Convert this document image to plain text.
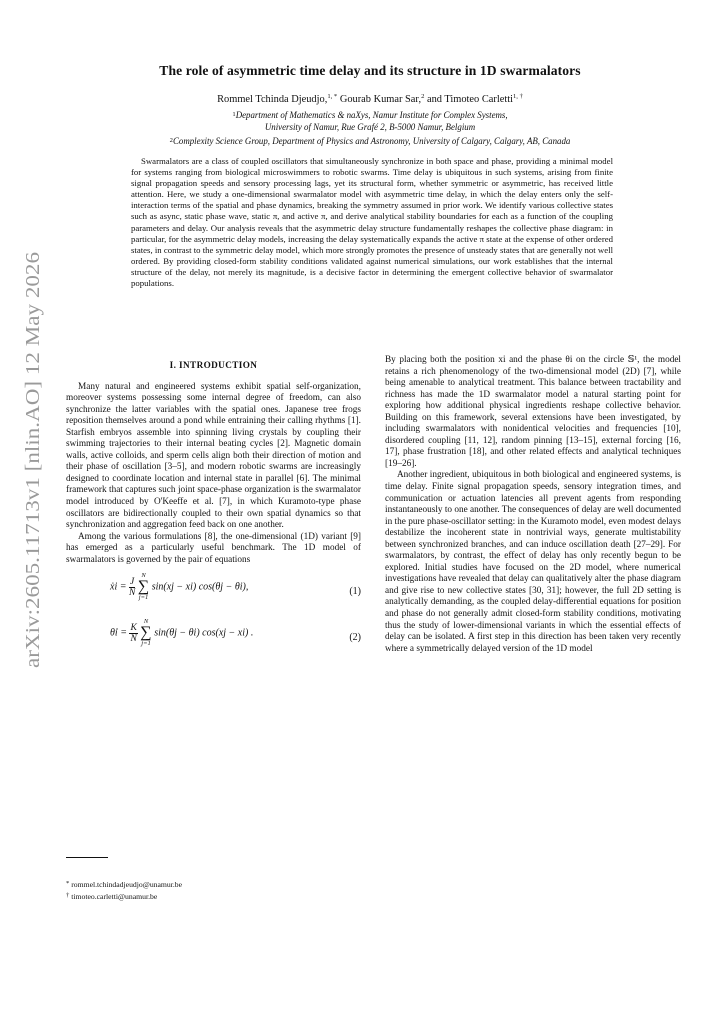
arXiv:2605.11713v1 [nlin.AO] 12 May 2026
The role of asymmetric time delay and its structure in 1D swarmalators
Rommel Tchinda Djeudjo,$^{1, *}$ Gourab Kumar Sar,$^2$ and Timoteo Carletti$^{1, \dagger}$
$^1$Department of Mathematics & naXys, Namur Institute for Complex Systems,
University of Namur, Rue Grafé 2, B-5000 Namur, Belgium
$^2$Complexity Science Group, Department of Physics and Astronomy, University of Calgary, Calgary, AB, Canada
Swarmalators are a class of coupled oscillators that simultaneously synchronize in both space and phase, providing a minimal model for systems ranging from biological microswimmers to robotic swarms. Time delay is ubiquitous in such systems, arising from finite signal propagation speeds and sensory processing lags, yet its structural form, whether symmetric or asymmetric, has received little attention. Here, we study a one-dimensional swarmalator model with asymmetric time delay, in which the delay enters only the self-interaction terms of the spatial and phase dynamics, breaking the symmetry assumed in prior work. We identify various collective states such as async, static phase wave, static π, and active π, and derive analytical stability boundaries for each as a function of the coupling parameters and delay. Our analysis reveals that the asymmetric delay structure fundamentally reshapes the collective phase diagram: in particular, for the asymmetric delay models, increasing the delay systematically expands the active π state at the expense of other ordered states, in contrast to the symmetric delay model, which more strongly promotes the presence of unsteady states that are generally not well ordered. By providing closed-form stability conditions validated against numerical simulations, our work establishes that the internal structure of the delay, not merely its magnitude, is a decisive factor in determining the emergent collective behavior of swarmalator populations.
I. INTRODUCTION

Many natural and engineered systems exhibit spatial self-organization, moreover systems possessing some internal degree of freedom, can also synchronize the latter variables with the spatial ones. Japanese tree frogs reposition themselves around a pond while entraining their calling rhythms [1]. Starfish embryos assemble into spinning living crystals by coupling their swimming trajectories to their internal beating cycles [2]. Magnetic domain walls, active colloids, and sperm cells align both their direction of motion and their phase of oscillation [3–5], and modern robotic swarms are increasingly designed to coordinate location and internal state in parallel [6]. The minimal framework that captures such joint space-phase organization is the swarmalator model introduced by O'Keeffe et al. [7], in which Kuramoto-type phase oscillators are bidirectionally coupled to their own spatial dynamics so that synchronization and aggregation feed back on one another.

Among the various formulations [8], the one-dimensional (1D) variant [9] has emerged as a particularly useful benchmark. The 1D model of swarmalators is governed by the pair of equations

ẋi = $\frac{J}{N}$

N
∑
j=1
sin(xj − xi) cos(θj − θi),	(1)
θ̇i = $\frac{K}{N}$

N
∑
j=1
sin(θj − θi) cos(xj − xi) .	(2)

By placing both the position xi and the phase θi on the circle 𝕊¹, the model retains a rich phenomenology of the two-dimensional model (2D) [7], while being amenable to analytical treatment. This balance between tractability and richness has made the 1D swarmalator model a natural starting point for exploring how additional physical ingredients reshape collective behavior. Building on this framework, several extensions have been investigated, by including swarmalators with nonidentical velocities and frequencies [10], disordered coupling [11, 12], random pinning [13–15], external forcing [16, 17], phase frustration [18], and other related effects and analytical techniques [19–26].

Another ingredient, ubiquitous in both biological and engineered systems, is time delay. Finite signal propagation speeds, sensory integration times, and communication or actuation latencies all prevent agents from responding instantaneously to one another. The consequences of delay are well documented in the pure phase-oscillator setting: in the Kuramoto model, even modest delays destabilize the incoherent state in nontrivial ways, generate multistability between synchronized branches, and can induce oscillation death [27–29]. For swarmalators, by contrast, the effect of delay has only recently begun to be explored. Initial studies have focused on the 2D model, where numerical investigations have revealed that delay can qualitatively alter the phase diagram and give rise to new collective states [30, 31]; however, the full 2D setting is analytically demanding, as the coupled delay-differential equations for position and phase do not generally admit closed-form stability conditions, motivating thus the study of lower-dimensional variants in which the essential effects of delay can be isolated. A first step in this direction has been taken very recently where a symmetrically delayed version of the 1D model

* rommel.tchindadjeudjo@unamur.be
† timoteo.carletti@unamur.be
